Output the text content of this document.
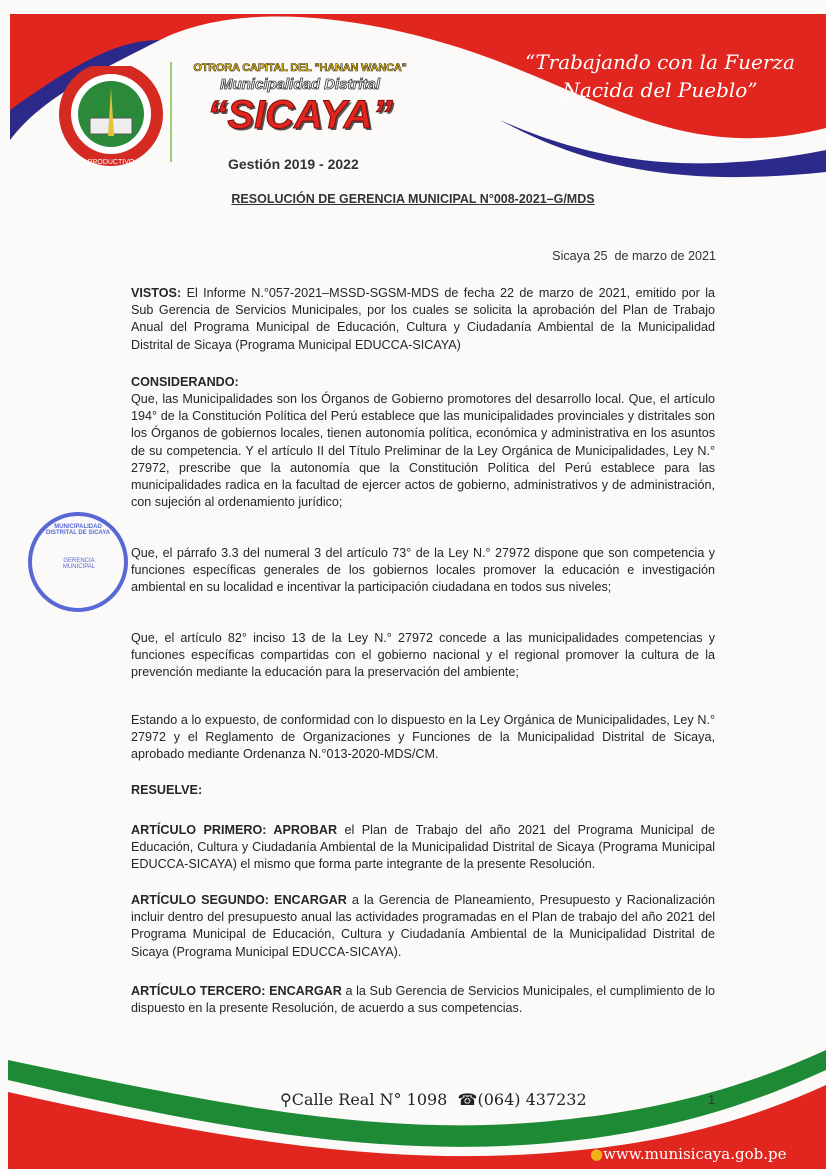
PRODUCTIVO
OTRORA CAPITAL DEL "HANAN WANCA"
Municipalidad Distrital
“SICAYA”
Gestión 2019 - 2022
“Trabajando con la Fuerza
Nacida del Pueblo”
RESOLUCIÓN DE GERENCIA MUNICIPAL N°008-2021–G/MDS
Sicaya 25  de marzo de 2021
MUNICIPALIDAD DISTRITAL DE SICAYA
GERENCIA MUNICIPAL
VISTOS: El Informe N.°057-2021–MSSD-SGSM-MDS de fecha 22 de marzo de 2021, emitido por la Sub Gerencia de Servicios Municipales, por los cuales se solicita la aprobación del Plan de Trabajo Anual del Programa Municipal de Educación, Cultura y Ciudadanía Ambiental de la Municipalidad Distrital de Sicaya (Programa Municipal EDUCCA-SICAYA)
CONSIDERANDO:
Que, las Municipalidades son los Órganos de Gobierno promotores del desarrollo local. Que, el artículo 194° de la Constitución Política del Perú establece que las municipalidades provinciales y distritales son los Órganos de gobiernos locales, tienen autonomía política, económica y administrativa en los asuntos de su competencia. Y el artículo II del Título Preliminar de la Ley Orgánica de Municipalidades, Ley N.° 27972, prescribe que la autonomía que la Constitución Política del Perú establece para las municipalidades radica en la facultad de ejercer actos de gobierno, administrativos y de administración, con sujeción al ordenamiento jurídico;
Que, el párrafo 3.3 del numeral 3 del artículo 73° de la Ley N.° 27972 dispone que son competencia y funciones específicas generales de los gobiernos locales promover la educación e investigación ambiental en su localidad e incentivar la participación ciudadana en todos sus niveles;
Que, el artículo 82° inciso 13 de la Ley N.° 27972 concede a las municipalidades competencias y funciones específicas compartidas con el gobierno nacional y el regional promover la cultura de la prevención mediante la educación para la preservación del ambiente;
Estando a lo expuesto, de conformidad con lo dispuesto en la Ley Orgánica de Municipalidades, Ley N.° 27972 y el Reglamento de Organizaciones y Funciones de la Municipalidad Distrital de Sicaya, aprobado mediante Ordenanza N.°013-2020-MDS/CM.
RESUELVE:
ARTÍCULO PRIMERO: APROBAR el Plan de Trabajo del año 2021 del Programa Municipal de Educación, Cultura y Ciudadanía Ambiental de la Municipalidad Distrital de Sicaya (Programa Municipal EDUCCA-SICAYA) el mismo que forma parte integrante de la presente Resolución.
ARTÍCULO SEGUNDO: ENCARGAR a la Gerencia de Planeamiento, Presupuesto y Racionalización incluir dentro del presupuesto anual las actividades programadas en el Plan de trabajo del año 2021 del Programa Municipal de Educación, Cultura y Ciudadanía Ambiental de la Municipalidad Distrital de Sicaya (Programa Municipal EDUCCA-SICAYA).
ARTÍCULO TERCERO: ENCARGAR a la Sub Gerencia de Servicios Municipales, el cumplimiento de lo dispuesto en la presente Resolución, de acuerdo a sus competencias.
⚲Calle Real N° 1098 ☎(064) 437232	1
●www.munisicaya.gob.pe
